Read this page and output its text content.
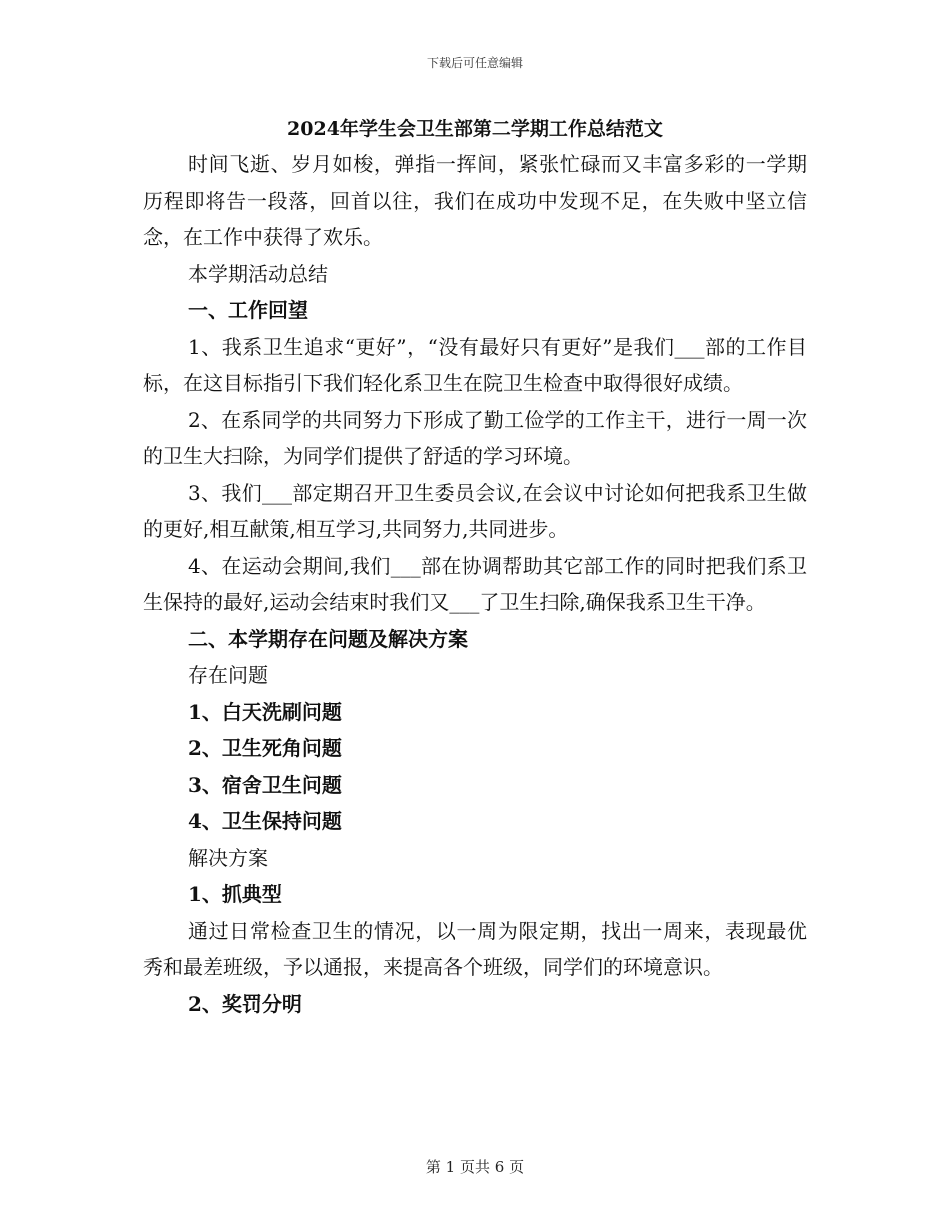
下载后可任意编辑
2024年学生会卫生部第二学期工作总结范文

时间飞逝、岁月如梭，弹指一挥间，紧张忙碌而又丰富多彩的一学期历程即将告一段落，回首以往，我们在成功中发现不足，在失败中坚立信念，在工作中获得了欢乐。

本学期活动总结

一、工作回望

1、我系卫生追求“更好”，“没有最好只有更好”是我们___部的工作目标，在这目标指引下我们轻化系卫生在院卫生检查中取得很好成绩。

2、在系同学的共同努力下形成了勤工俭学的工作主干，进行一周一次的卫生大扫除，为同学们提供了舒适的学习环境。

3、我们___部定期召开卫生委员会议,在会议中讨论如何把我系卫生做的更好,相互献策,相互学习,共同努力,共同进步。

4、在运动会期间,我们___部在协调帮助其它部工作的同时把我们系卫生保持的最好,运动会结束时我们又___了卫生扫除,确保我系卫生干净。

二、本学期存在问题及解决方案

存在问题

1、白天洗刷问题

2、卫生死角问题

3、宿舍卫生问题

4、卫生保持问题

解决方案

1、抓典型

通过日常检查卫生的情况，以一周为限定期，找出一周来，表现最优秀和最差班级，予以通报，来提高各个班级，同学们的环境意识。

2、奖罚分明

第 1 页共 6 页
